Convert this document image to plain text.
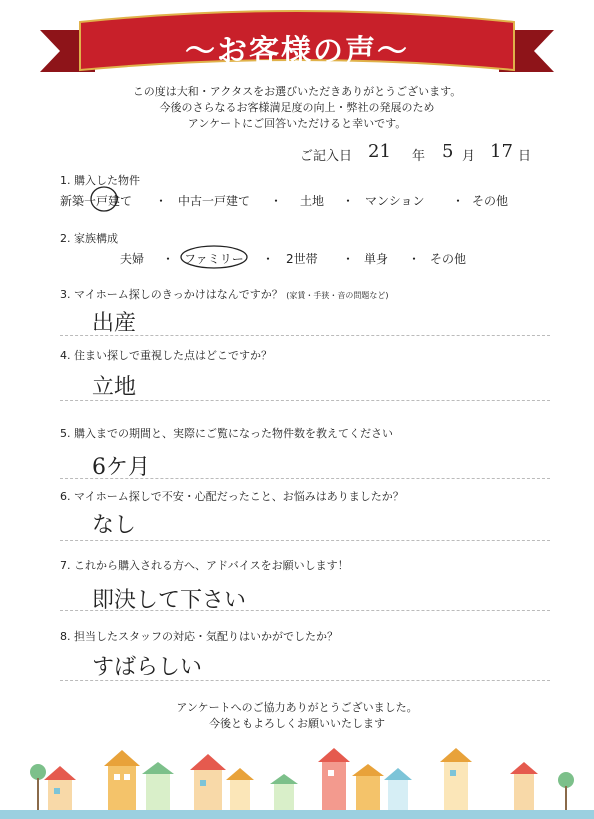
～お客様の声～
この度は大和・アクタスをお選びいただきありがとうございます。
今後のさらなるお客様満足度の向上・弊社の発展のため
アンケートにご回答いただけると幸いです。
ご記入日 21 年 5 月 17 日
1. 購入した物件
新築一戸建て ・ 中古一戸建て ・ 土地 ・ マンション ・ その他
2. 家族構成
夫婦 ・ ファミリー ・ 2世帯 ・ 単身 ・ その他
3. マイホーム探しのきっかけはなんですか？ (家賃・手狭・音の問題など)
出産
4. 住まい探しで重視した点はどこですか？
立地
5. 購入までの期間と、実際にご覧になった物件数を教えてください
6ケ月
6. マイホーム探しで不安・心配だったこと、お悩みはありましたか？
なし
7. これから購入される方へ、アドバイスをお願いします！
即決して下さい
8. 担当したスタッフの対応・気配りはいかがでしたか？
すばらしい
アンケートへのご協力ありがとうございました。
今後ともよろしくお願いいたします
